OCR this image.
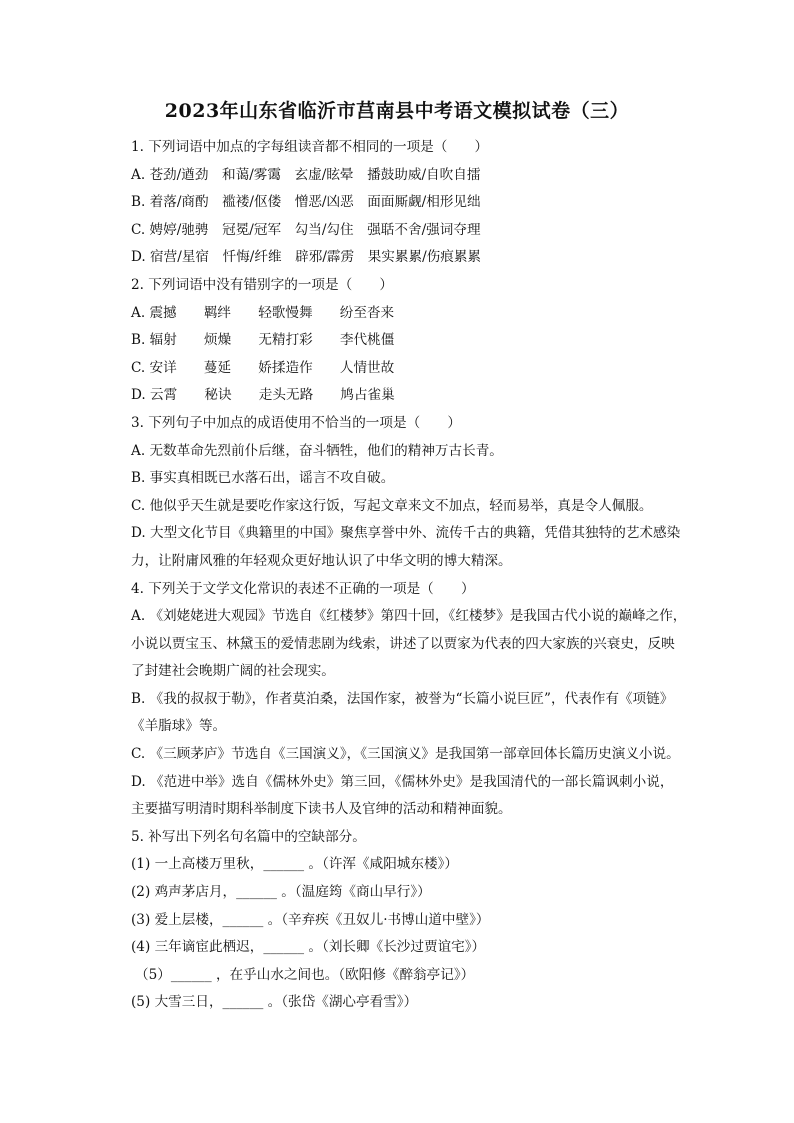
2023年山东省临沂市莒南县中考语文模拟试卷（三）
1. 下列词语中加点的字每组读音都不相同的一项是（　　）
A. 苍劲/遒劲　和蔼/雾霭　玄虚/眩晕　播鼓助威/自吹自擂
B. 着落/商酌　褴褛/伛偻　憎恶/凶恶　面面厮觑/相形见绌
C. 娉婷/驰骋　冠冕/冠军　勾当/勾住　强聒不舍/强词夺理
D. 宿营/星宿　忏悔/纤维　辟邪/霹雳　果实累累/伤痕累累
2. 下列词语中没有错别字的一项是（　　）
A. 震撼　　羁绊　　轻歌慢舞　　纷至沓来
B. 辐射　　烦燥　　无精打彩　　李代桃僵
C. 安详　　蔓延　　娇揉造作　　人情世故
D. 云霄　　秘诀　　走头无路　　鸠占雀巢
3. 下列句子中加点的成语使用不恰当的一项是（　　）
A. 无数革命先烈前仆后继，奋斗牺牲，他们的精神万古长青。
B. 事实真相既已水落石出，谣言不攻自破。
C. 他似乎天生就是要吃作家这行饭，写起文章来文不加点，轻而易举，真是令人佩服。
D. 大型文化节目《典籍里的中国》聚焦享誉中外、流传千古的典籍，凭借其独特的艺术感染
力，让附庸风雅的年轻观众更好地认识了中华文明的博大精深。
4. 下列关于文学文化常识的表述不正确的一项是（　　）
A. 《刘姥姥进大观园》节选自《红楼梦》第四十回，《红楼梦》是我国古代小说的巅峰之作，
小说以贾宝玉、林黛玉的爱情悲剧为线索，讲述了以贾家为代表的四大家族的兴衰史，反映
了封建社会晚期广阔的社会现实。
B. 《我的叔叔于勒》，作者莫泊桑，法国作家，被誉为“长篇小说巨匠”，代表作有《项链》
《羊脂球》等。
C. 《三顾茅庐》节选自《三国演义》，《三国演义》是我国第一部章回体长篇历史演义小说。
D. 《范进中举》选自《儒林外史》第三回，《儒林外史》是我国清代的一部长篇讽刺小说，
主要描写明清时期科举制度下读书人及官绅的活动和精神面貌。
5. 补写出下列名句名篇中的空缺部分。
(1) 一上高楼万里秋，______ 。（许浑《咸阳城东楼》）
(2) 鸡声茅店月，______ 。（温庭筠《商山早行》）
(3) 爱上层楼，______ 。（辛弃疾《丑奴儿·书博山道中壁》）
(4) 三年谪宦此栖迟，______ 。（刘长卿《长沙过贾谊宅》）
（5）______ ，在乎山水之间也。（欧阳修《醉翁亭记》）
(5) 大雪三日，______ 。（张岱《湖心亭看雪》）
